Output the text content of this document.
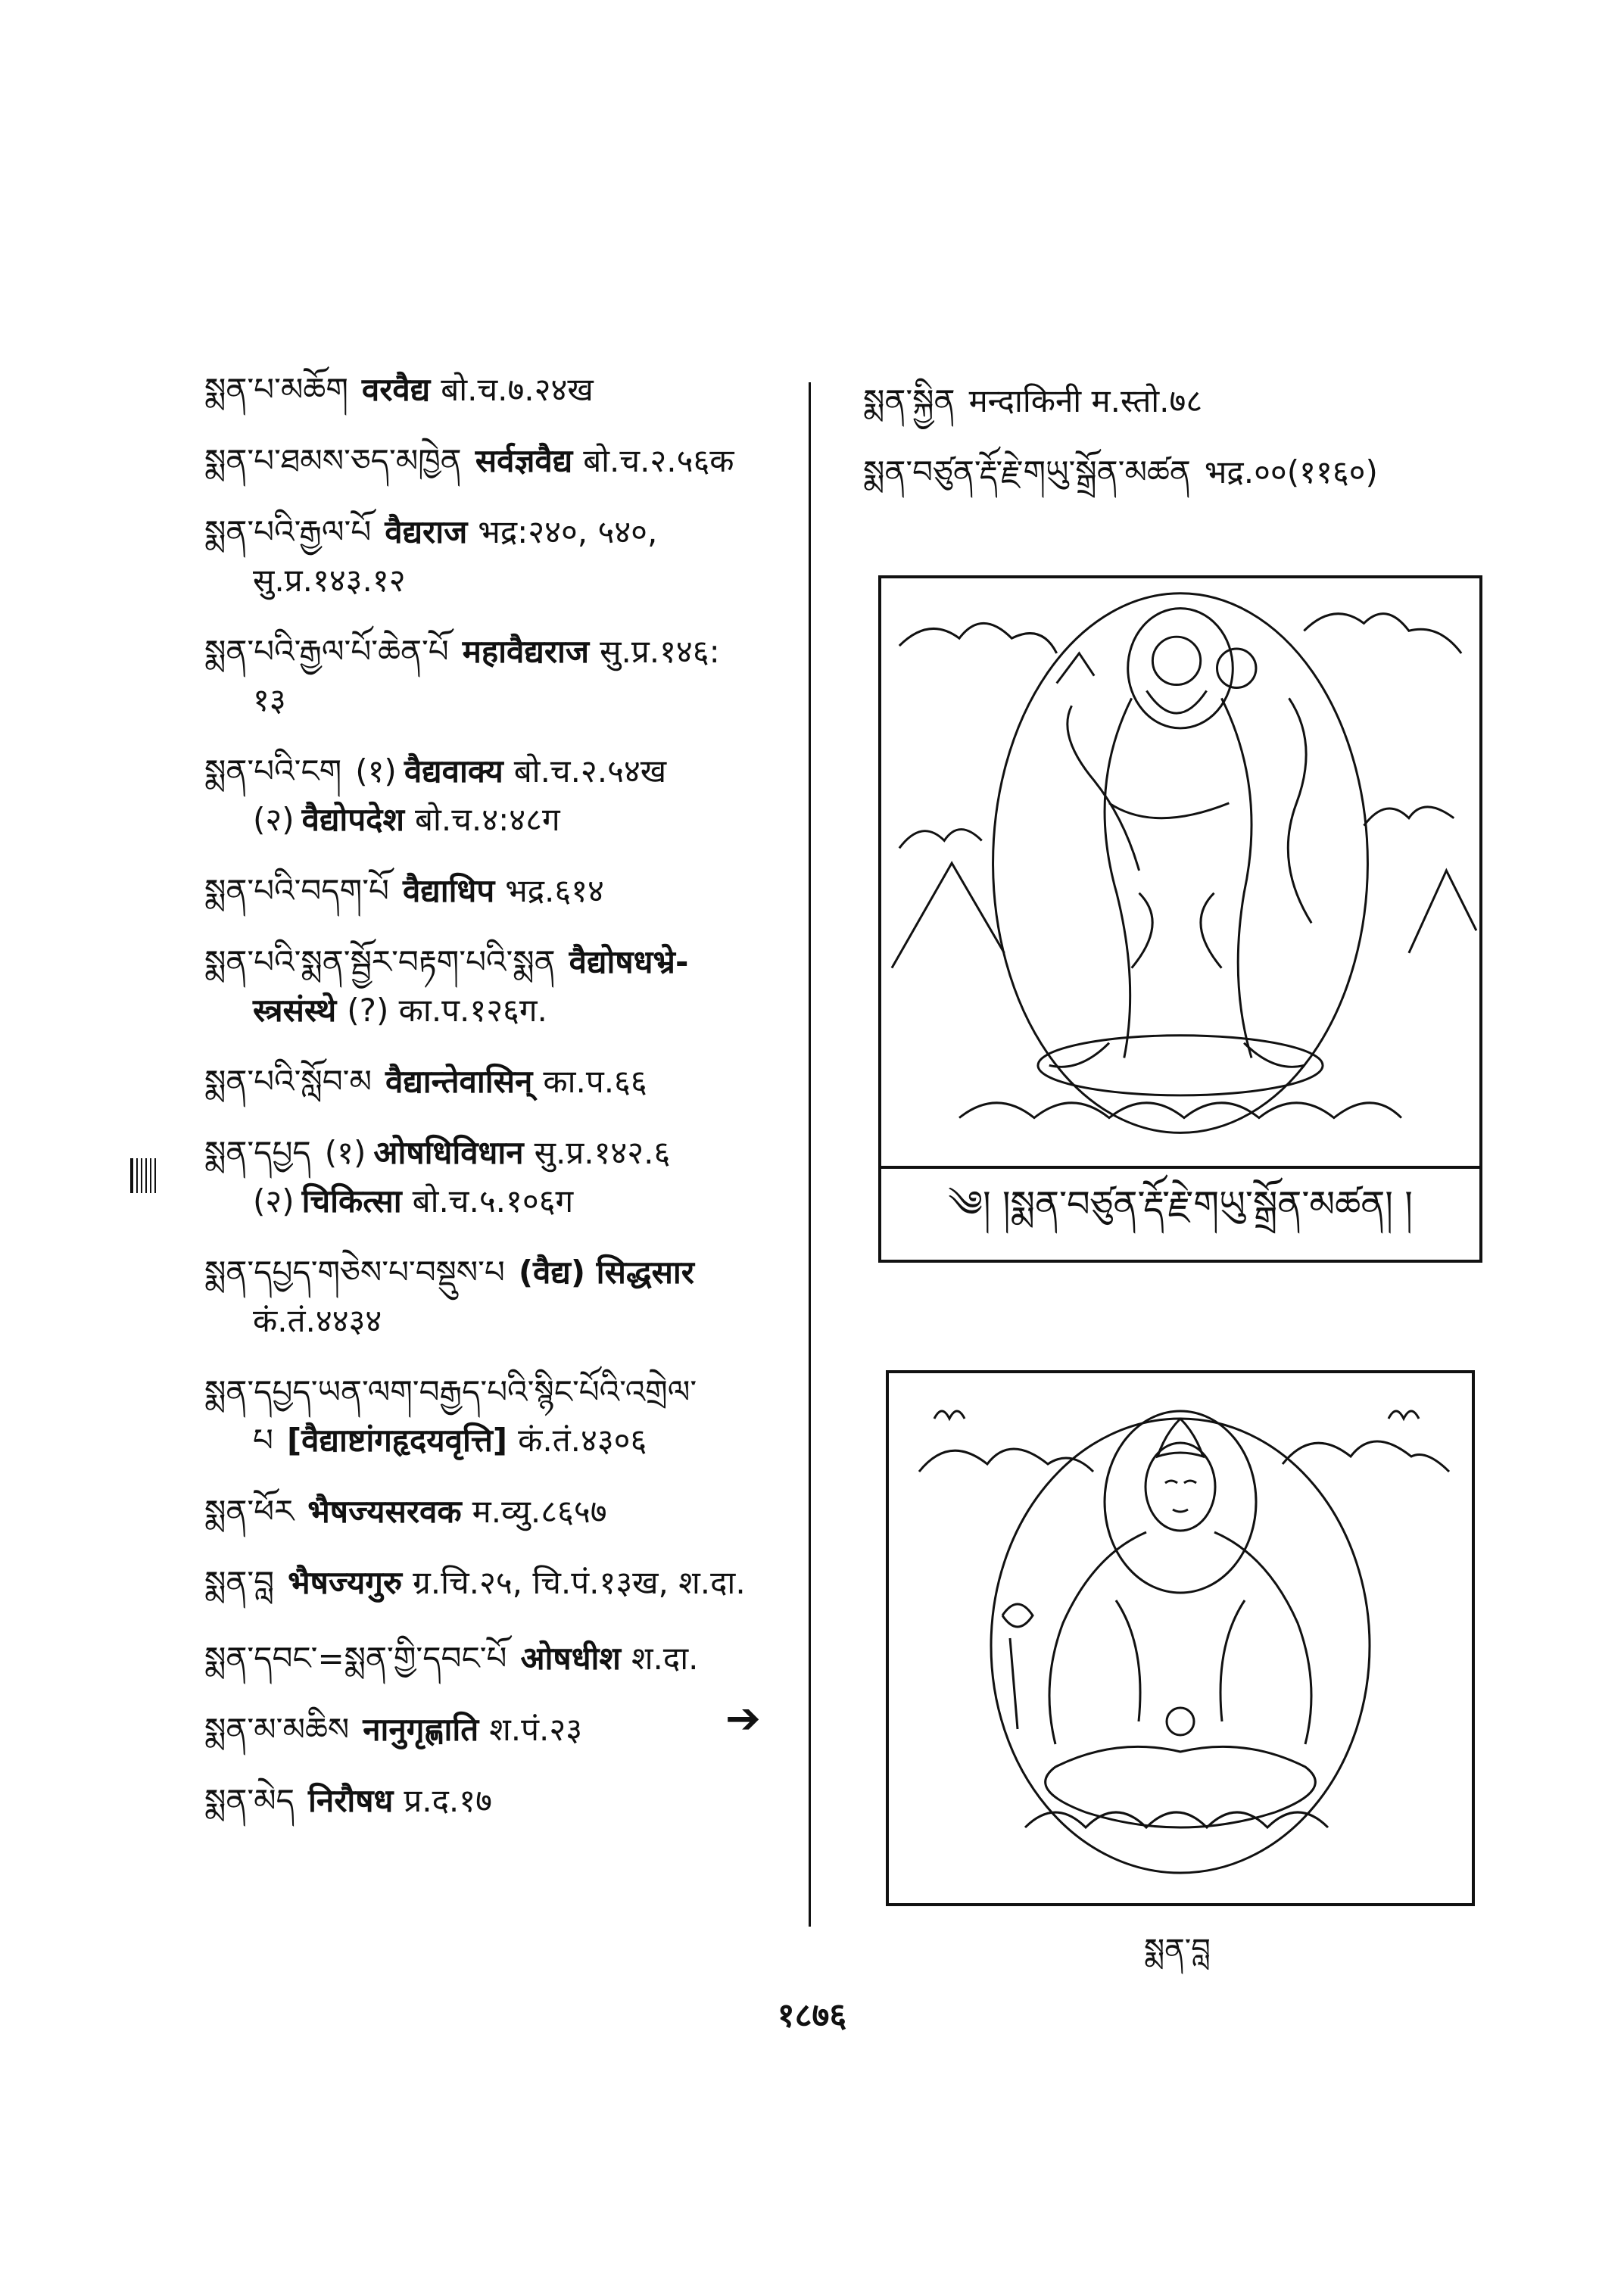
སྨན་པ་མཆོག वरवैद्य बो.च.७.२४ख
སྨན་པ་ཐམས་ཅད་མཁྱེན सर्वज्ञवैद्य बो.च.२.५६क
སྨན་པའི་རྒྱལ་པོ वैद्यराज भद्र:२४०, ५४०,
सु.प्र.१४३.१२
སྨན་པའི་རྒྱལ་པོ་ཆེན་པོ महावैद्यराज सु.प्र.१४६:
१३
སྨན་པའི་ངག (१) वैद्यवाक्य बो.च.२.५४ख
(२) वैद्योपदेश बो.च.४:४८ग
སྨན་པའི་བདག་པོ वैद्याधिप भद्र.६१४
སྨན་པའི་སྨན་སྦྱོར་བརྟག་པའི་སྨན वैद्योषधभ्रे-
स्त्रसंस्थे (?) का.प.१२६ग.
སྨན་པའི་སློབ་མ वैद्यान्तेवासिन् का.प.६६
སྨན་དཔྱད (१) ओषधिविधान सु.प्र.१४२.६
(२) चिकित्सा बो.च.५.१०६ग
སྨན་དཔྱད་གཅེས་པ་བསྡུས་པ (वैद्य) सिद्धसार
कं.तं.४४३४
སྨན་དཔྱད་ཡན་ལག་བརྒྱད་པའི་སྙིང་པོའི་འགྲེལ་
པ [वैद्याष्टांगहृदयवृत्ति] कं.तं.४३०६
སྨན་ཕོར भैषज्यसरवक म.व्यु.८६५७
སྨན་བླ भैषज्यगुरु ग्र.चि.२५, चि.पं.१३ख, श.दा.
སྨན་དབང་=སྨན་གྱི་དབང་པོ ओषधीश श.दा.
སྨན་མ་མཆིས नानुगृह्णाति श.पं.२३
སྨན་མེད निरौषध प्र.द.१७
➔
སྨན་སྐྱིན मन्दाकिनी म.स्तो.७८
སྨན་བཙུན་རྡོ་རྗེ་གཡུ་སྒྲོན་མཚན भद्र.००(११६०)
༄། །སྨན་བཙུན་རྡོ་རྗེ་གཡུ་སྒྲོན་མཚན། །
སྨན་བླ
१८७६
